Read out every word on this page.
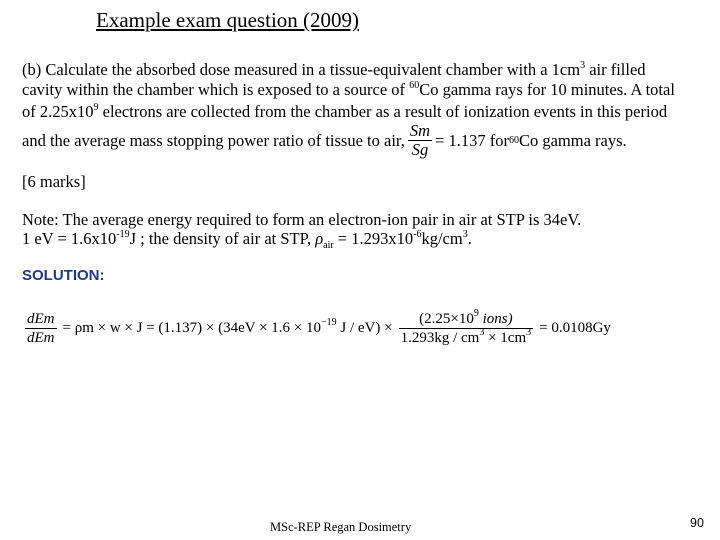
Example exam question (2009)
(b) Calculate the absorbed dose measured in a tissue-equivalent chamber with a $1cm^3$ air filled
cavity within the chamber which is exposed to a source of $^{60}$Co gamma rays for 10 minutes. A total
of $2.25x10^9$ electrons are collected from the chamber as a result of ionization events in this period
and the average mass stopping power ratio of tissue to air, $\frac{Sm}{Sg} = 1.137$ for 60 Co gamma rays.
[6 marks]
Note: The average energy required to form an electron-ion pair in air at STP is 34eV.
1 eV = $1.6x10^{-19}J$ ; the density of air at STP, $\rho_{air} = 1.293x10^{-6}kg/cm^3$.
SOLUTION:
$\frac{\text{dEm}}{\text{dEm}} = \rho m \times w \times J = (1.137) \times (34eV \times 1.6 \times 10^{-19}$ $J / eV) \times \frac{(2.25\times 10^9 ions)}{1.293kg / cm^3 \times 1cm^3} = 0.0108Gy$
MSc-REP Regan Dosimetry	90
